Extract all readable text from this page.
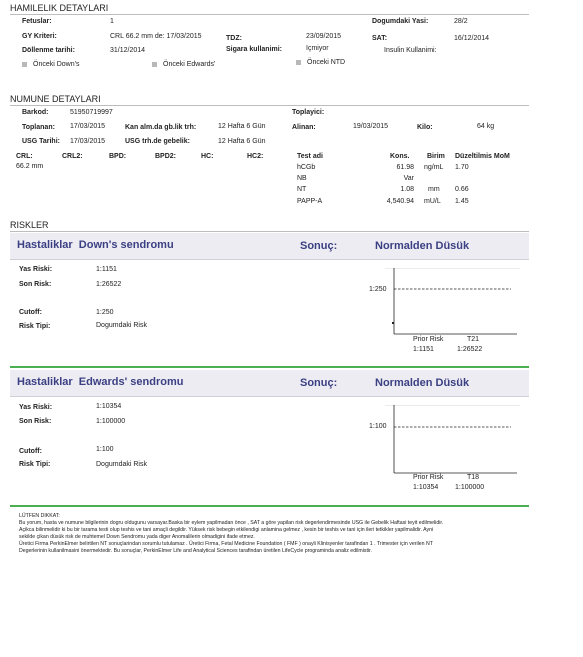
HAMILELIK DETAYLARI
Fetuslar:	1	Dogumdaki Yasi:	28/2
GY Kriteri:	CRL 66.2 mm de: 17/03/2015	TDZ:	23/09/2015	SAT:	16/12/2014
Döllenme tarihi:	31/12/2014	Sigara kullanimi:	Içmiyor	Insulin Kullanimi:
Önceki Down's	Önceki Edwards'	Önceki NTD
NUMUNE DETAYLARI
Barkod:	51950719997	Toplayici:
Toplanan: 17/03/2015	Kan alm.da gb.lik trh:	12 Hafta 6 Gün	Alinan:	19/03/2015	Kilo:	64 kg
USG Tarihi: 17/03/2015	USG trh.de gebelik:	12 Hafta 6 Gün
CRL:	CRL2:	BPD:	BPD2:	HC:	HC2:
66.2 mm
Test adi	Kons.	Birim Düzeltilmis MoM
hCGb	61.98 ng/mL 1.70
NB	Var
NT	1.08 mm 0.66
PAPP-A	4,540.94 mU/L 1.45
RISKLER
Hastaliklar Down's sendromu	Sonuç:	Normalden Düsük
Yas Riski:	1:1151
Son Risk:	1:26522
Cutoff:	1:250
Risk Tipi:	Dogumdaki Risk
1:250
Prior Risk	T21
1:1151	1:26522
Hastaliklar Edwards' sendromu	Sonuç:	Normalden Düsük
Yas Riski:	1:10354
Son Risk:	1:100000
Cutoff:	1:100
Risk Tipi:	Dogumdaki Risk
1:100
Prior Risk	T18
1:10354 1:100000
LÜTFEN DIKKAT:
Bu yorum, hasta ve numune bilgilerinin dogru oldugunu varsayar.Baska bir eylem yapilmadan önce , SAT a göre yapilan risk degerlendirmesinde USG ile Gebelik Haftasi teyit edilmelidir.
Açikca bilinmelidir ki bu bir tarama testi olup teshis ve tani amaçli degildir. Yüksek risk bebegin etkilendigi anlamina gelmez , kesin bir teshis ve tani için ileri tetkikler yapilmalidir. Ayni
sekilde çikan düsük risk de muhtemel Down Sendromu yada diger Anomalilerin olmadigini ifade etmez.
Üretici Firma PerkinElmer belirtilen NT sonuçlarindan sorumlu tutulamaz . Üretici Firma, Fetal Medicine Foundation ( FMF ) onayli Klinisyenler tarafindan 1 . Trimester için verilen NT
Degerlerinin kullanilmasini önermektedir. Bu sonuçlar, PerkinElmer Life and Analytical Sciences tarafindan üretilen LifeCycle programinda analiz edilmistir.
